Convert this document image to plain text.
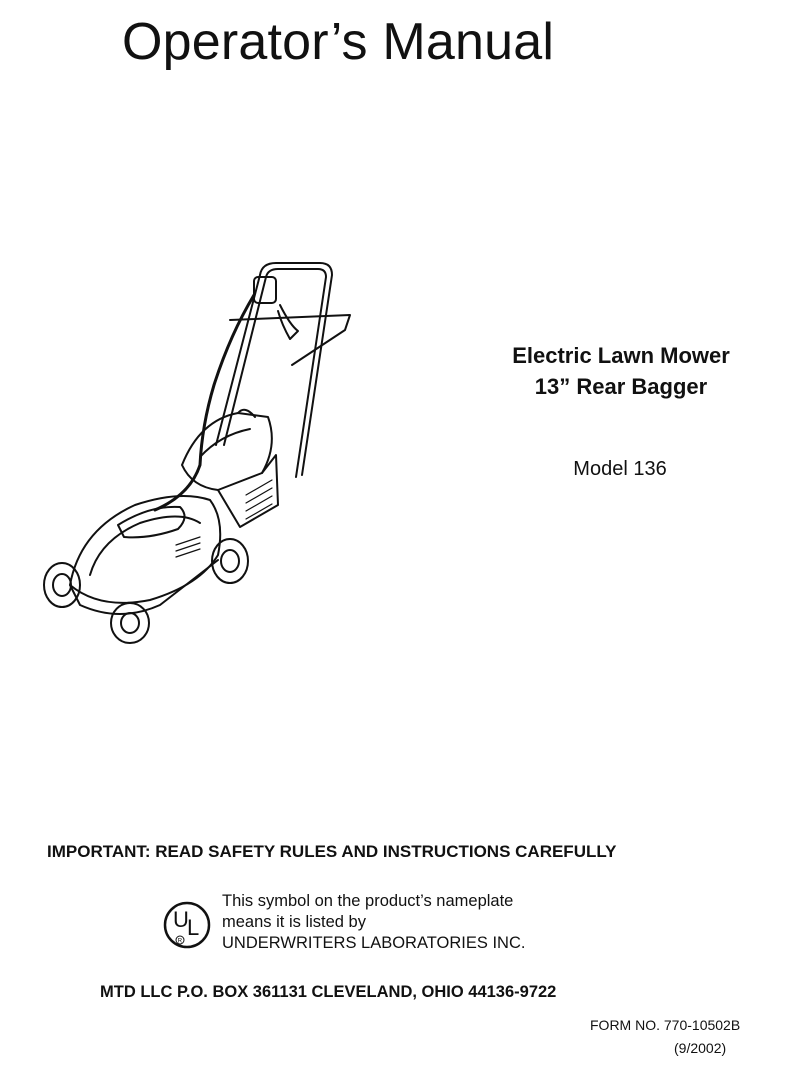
Operator’s Manual
Electric Lawn Mower
13” Rear Bagger
Model 136
IMPORTANT: READ SAFETY RULES AND INSTRUCTIONS CAREFULLY
U
L
R
This symbol on the product’s nameplate
means it is listed by
UNDERWRITERS LABORATORIES INC.
MTD LLC P.O. BOX 361131 CLEVELAND, OHIO 44136-9722
FORM NO. 770-10502B
(9/2002)
